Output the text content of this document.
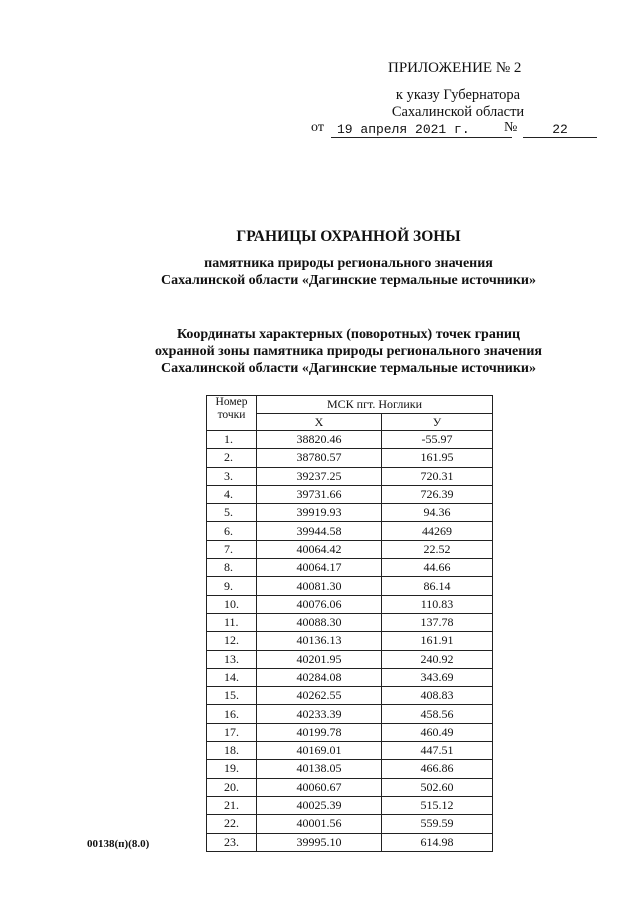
ПРИЛОЖЕНИЕ № 2
к указу Губернатора
Сахалинской области
от	19 апреля 2021 г.	№	22
ГРАНИЦЫ ОХРАННОЙ ЗОНЫ
памятника природы регионального значения
Сахалинской области «Дагинские термальные источники»
Координаты характерных (поворотных) точек границ
охранной зоны памятника природы регионального значения
Сахалинской области «Дагинские термальные источники»
Номер
точки	МСК пгт. Ноглики	
	Х	У
1.	38820.46	-55.97
2.	38780.57	161.95
3.	39237.25	720.31
4.	39731.66	726.39
5.	39919.93	94.36
6.	39944.58	44269
7.	40064.42	22.52
8.	40064.17	44.66
9.	40081.30	86.14
10.	40076.06	110.83
11.	40088.30	137.78
12.	40136.13	161.91
13.	40201.95	240.92
14.	40284.08	343.69
15.	40262.55	408.83
16.	40233.39	458.56
17.	40199.78	460.49
18.	40169.01	447.51
19.	40138.05	466.86
20.	40060.67	502.60
21.	40025.39	515.12
22.	40001.56	559.59
23.	39995.10	614.98
00138(п)(8.0)
